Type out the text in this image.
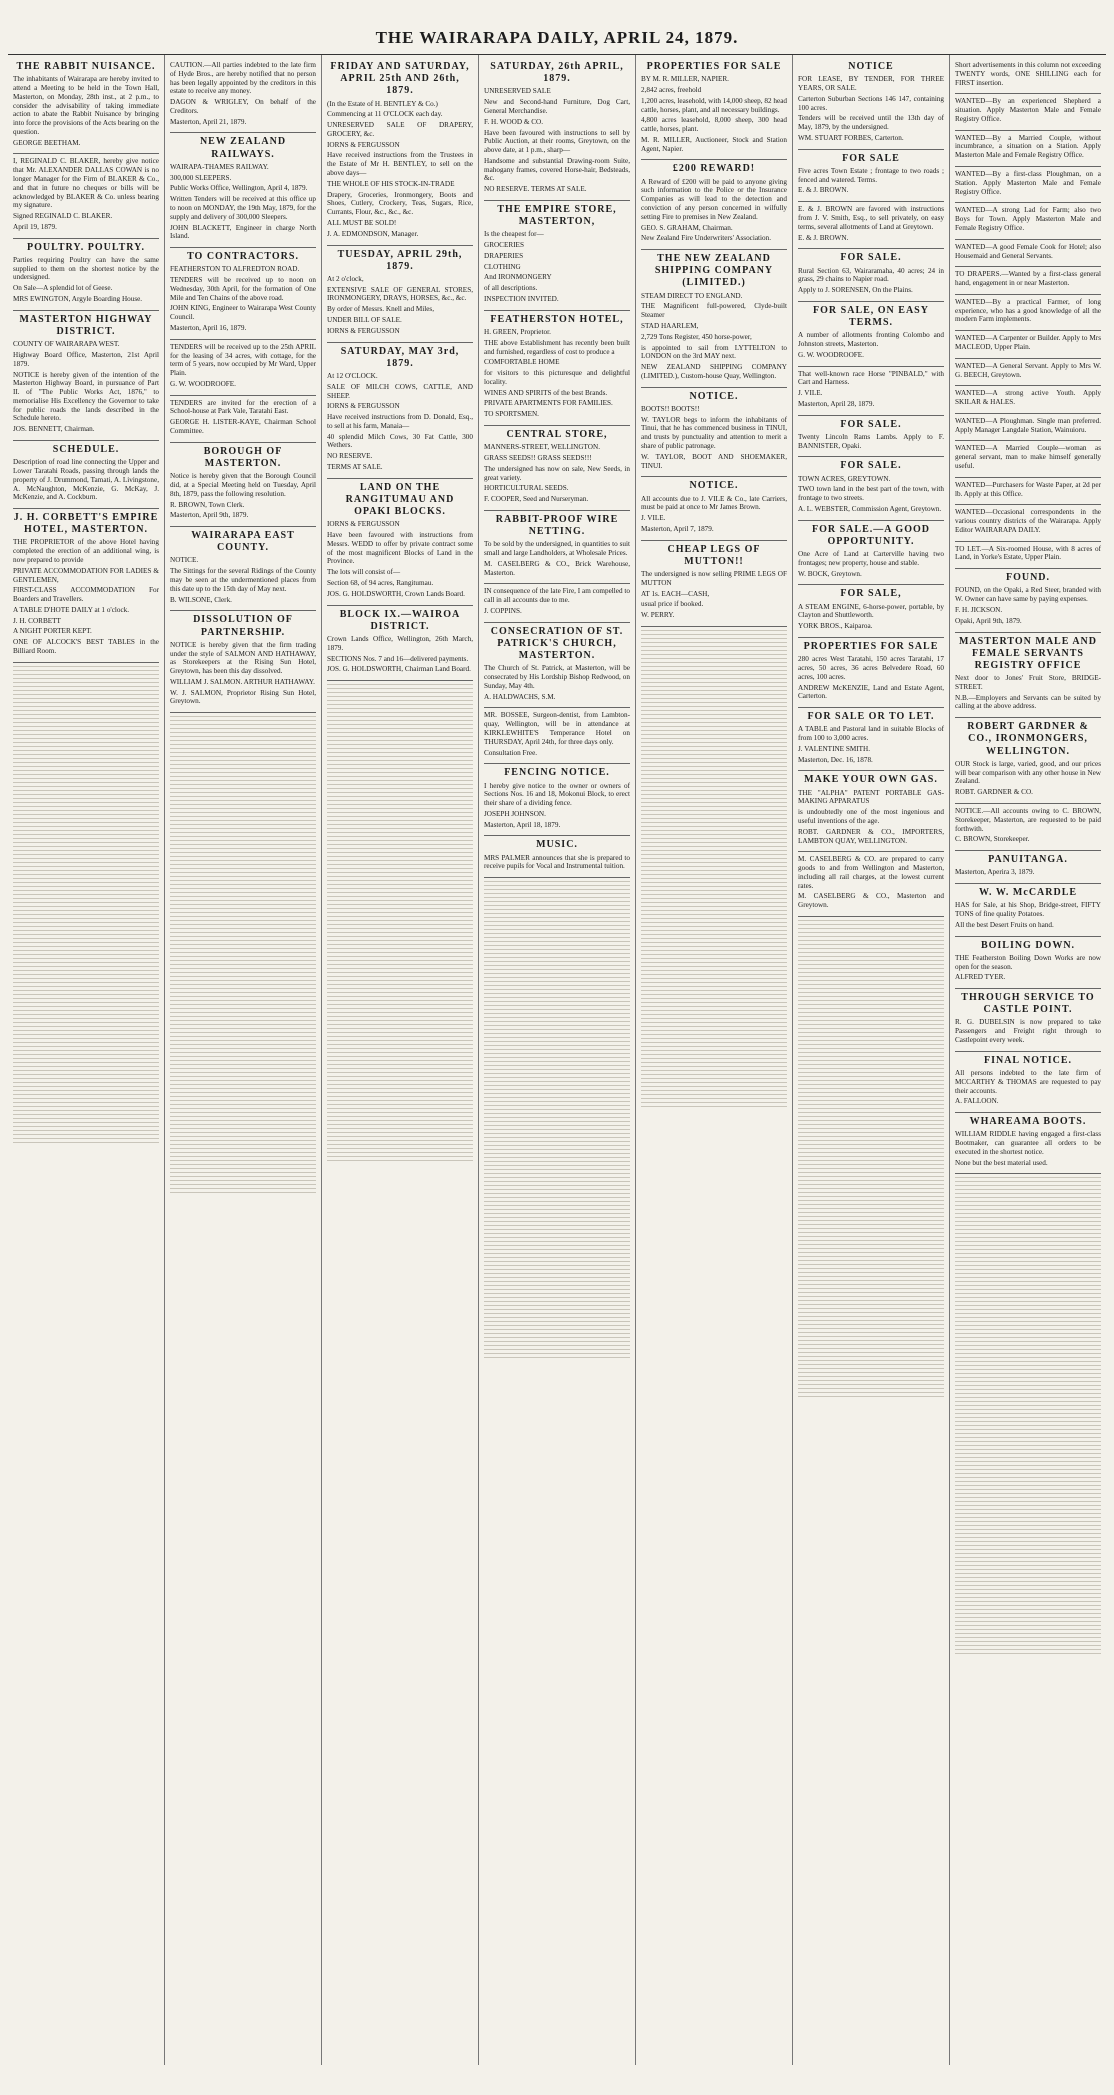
THE WAIRARAPA DAILY, APRIL 24, 1879.
THE RABBIT NUISANCE.

The inhabitants of Wairarapa are hereby invited to attend a Meeting to be held in the Town Hall, Masterton, on Monday, 28th inst., at 2 p.m., to consider the advisability of taking immediate action to abate the Rabbit Nuisance by bringing into force the provisions of the Acts bearing on the question.

GEORGE BEETHAM.

I, REGINALD C. BLAKER, hereby give notice that Mr. ALEXANDER DALLAS COWAN is no longer Manager for the Firm of BLAKER & Co., and that in future no cheques or bills will be acknowledged by BLAKER & Co. unless bearing my signature.

Signed REGINALD C. BLAKER.

April 19, 1879.

POULTRY. POULTRY.

Parties requiring Poultry can have the same supplied to them on the shortest notice by the undersigned.

On Sale—A splendid lot of Geese.

MRS EWINGTON, Argyle Boarding House.

MASTERTON HIGHWAY DISTRICT.

COUNTY OF WAIRARAPA WEST.

Highway Board Office, Masterton, 21st April 1879.

NOTICE is hereby given of the intention of the Masterton Highway Board, in pursuance of Part II. of "The Public Works Act, 1876," to memorialise His Excellency the Governor to take for public roads the lands described in the Schedule hereto.

JOS. BENNETT, Chairman.

SCHEDULE.

Description of road line connecting the Upper and Lower Taratahi Roads, passing through lands the property of J. Drummond, Tamati, A. Livingstone, A. McNaughton, McKenzie, G. McKay, J. McKenzie, and A. Cockburn.

J. H. CORBETT'S EMPIRE HOTEL, MASTERTON.

THE PROPRIETOR of the above Hotel having completed the erection of an additional wing, is now prepared to provide

PRIVATE ACCOMMODATION FOR LADIES & GENTLEMEN,

FIRST-CLASS ACCOMMODATION For Boarders and Travellers.

A TABLE D'HOTE DAILY at 1 o'clock.

J. H. CORBETT

A NIGHT PORTER KEPT.

ONE OF ALCOCK'S BEST TABLES in the Billiard Room.

CAUTION.—All parties indebted to the late firm of Hyde Bros., are hereby notified that no person has been legally appointed by the creditors in this estate to receive any money.

DAGON & WRIGLEY, On behalf of the Creditors.

Masterton, April 21, 1879.

NEW ZEALAND RAILWAYS.

WAIRAPA-THAMES RAILWAY.

300,000 SLEEPERS.

Public Works Office, Wellington, April 4, 1879.

Written Tenders will be received at this office up to noon on MONDAY, the 19th May, 1879, for the supply and delivery of 300,000 Sleepers.

JOHN BLACKETT, Engineer in charge North Island.

TO CONTRACTORS.

FEATHERSTON TO ALFREDTON ROAD.

TENDERS will be received up to noon on Wednesday, 30th April, for the formation of One Mile and Ten Chains of the above road.

JOHN KING, Engineer to Wairarapa West County Council.

Masterton, April 16, 1879.

TENDERS will be received up to the 25th APRIL for the leasing of 34 acres, with cottage, for the term of 5 years, now occupied by Mr Ward, Upper Plain.

G. W. WOODROOFE.

TENDERS are invited for the erection of a School-house at Park Vale, Taratahi East.

GEORGE H. LISTER-KAYE, Chairman School Committee.

BOROUGH OF MASTERTON.

Notice is hereby given that the Borough Council did, at a Special Meeting held on Tuesday, April 8th, 1879, pass the following resolution.

R. BROWN, Town Clerk.

Masterton, April 9th, 1879.

WAIRARAPA EAST COUNTY.

NOTICE.

The Sittings for the several Ridings of the County may be seen at the undermentioned places from this date up to the 15th day of May next.

B. WILSONE, Clerk.

DISSOLUTION OF PARTNERSHIP.

NOTICE is hereby given that the firm trading under the style of SALMON AND HATHAWAY, as Storekeepers at the Rising Sun Hotel, Greytown, has been this day dissolved.

WILLIAM J. SALMON. ARTHUR HATHAWAY.

W. J. SALMON, Proprietor Rising Sun Hotel, Greytown.

FRIDAY AND SATURDAY, APRIL 25th AND 26th, 1879.

(In the Estate of H. BENTLEY & Co.)

Commencing at 11 O'CLOCK each day.

UNRESERVED SALE OF DRAPERY, GROCERY, &c.

IORNS & FERGUSSON

Have received instructions from the Trustees in the Estate of Mr H. BENTLEY, to sell on the above days—

THE WHOLE OF HIS STOCK-IN-TRADE

Drapery, Groceries, Ironmongery, Boots and Shoes, Cutlery, Crockery, Teas, Sugars, Rice, Currants, Flour, &c., &c., &c.

ALL MUST BE SOLD!

J. A. EDMONDSON, Manager.

TUESDAY, APRIL 29th, 1879.

At 2 o'clock,

EXTENSIVE SALE OF GENERAL STORES, IRONMONGERY, DRAYS, HORSES, &c., &c.

By order of Messrs. Knell and Miles,

UNDER BILL OF SALE.

IORNS & FERGUSSON

SATURDAY, MAY 3rd, 1879.

At 12 O'CLOCK.

SALE OF MILCH COWS, CATTLE, AND SHEEP.

IORNS & FERGUSSON

Have received instructions from D. Donald, Esq., to sell at his farm, Manaia—

40 splendid Milch Cows, 30 Fat Cattle, 300 Wethers.

NO RESERVE.

TERMS AT SALE.

LAND ON THE RANGITUMAU AND OPAKI BLOCKS.

IORNS & FERGUSSON

Have been favoured with instructions from Messrs. WEDD to offer by private contract some of the most magnificent Blocks of Land in the Province.

The lots will consist of—

Section 68, of 94 acres, Rangitumau.

JOS. G. HOLDSWORTH, Crown Lands Board.

BLOCK IX.—WAIROA DISTRICT.

Crown Lands Office, Wellington, 26th March, 1879.

SECTIONS Nos. 7 and 16—delivered payments.

JOS. G. HOLDSWORTH, Chairman Land Board.

SATURDAY, 26th APRIL, 1879.

UNRESERVED SALE

New and Second-hand Furniture, Dog Cart, General Merchandise.

F. H. WOOD & CO.

Have been favoured with instructions to sell by Public Auction, at their rooms, Greytown, on the above date, at 1 p.m., sharp—

Handsome and substantial Drawing-room Suite, mahogany frames, covered Horse-hair, Bedsteads, &c.

NO RESERVE. TERMS AT SALE.

THE EMPIRE STORE, MASTERTON,

Is the cheapest for—

GROCERIES

DRAPERIES

CLOTHING

And IRONMONGERY

of all descriptions.

INSPECTION INVITED.

FEATHERSTON HOTEL,

H. GREEN, Proprietor.

THE above Establishment has recently been built and furnished, regardless of cost to produce a

COMFORTABLE HOME

for visitors to this picturesque and delightful locality.

WINES AND SPIRITS of the best Brands.

PRIVATE APARTMENTS FOR FAMILIES.

TO SPORTSMEN.

CENTRAL STORE,

MANNERS-STREET, WELLINGTON.

GRASS SEEDS!! GRASS SEEDS!!!

The undersigned has now on sale, New Seeds, in great variety.

HORTICULTURAL SEEDS.

F. COOPER, Seed and Nurseryman.

RABBIT-PROOF WIRE NETTING.

To be sold by the undersigned, in quantities to suit small and large Landholders, at Wholesale Prices.

M. CASELBERG & CO., Brick Warehouse, Masterton.

IN consequence of the late Fire, I am compelled to call in all accounts due to me.

J. COPPINS.

CONSECRATION OF ST. PATRICK'S CHURCH, MASTERTON.

The Church of St. Patrick, at Masterton, will be consecrated by His Lordship Bishop Redwood, on Sunday, May 4th.

A. HALDWACHS, S.M.

MR. BOSSEE, Surgeon-dentist, from Lambton-quay, Wellington, will be in attendance at KIRKLEWHITE'S Temperance Hotel on THURSDAY, April 24th, for three days only.

Consultation Free.

FENCING NOTICE.

I hereby give notice to the owner or owners of Sections Nos. 16 and 18, Mokonui Block, to erect their share of a dividing fence.

JOSEPH JOHNSON.

Masterton, April 18, 1879.

MUSIC.

MRS PALMER announces that she is prepared to receive pupils for Vocal and Instrumental tuition.

PROPERTIES FOR SALE

BY M. R. MILLER, NAPIER.

2,842 acres, freehold

1,200 acres, leasehold, with 14,000 sheep, 82 head cattle, horses, plant, and all necessary buildings.

4,800 acres leasehold, 8,000 sheep, 300 head cattle, horses, plant.

M. R. MILLER, Auctioneer, Stock and Station Agent, Napier.

£200 REWARD!

A Reward of £200 will be paid to anyone giving such information to the Police or the Insurance Companies as will lead to the detection and conviction of any person concerned in wilfully setting Fire to premises in New Zealand.

GEO. S. GRAHAM, Chairman.

New Zealand Fire Underwriters' Association.

THE NEW ZEALAND SHIPPING COMPANY (LIMITED.)

STEAM DIRECT TO ENGLAND.

THE Magnificent full-powered, Clyde-built Steamer

STAD HAARLEM,

2,729 Tons Register, 450 horse-power,

is appointed to sail from LYTTELTON to LONDON on the 3rd MAY next.

NEW ZEALAND SHIPPING COMPANY (LIMITED.), Custom-house Quay, Wellington.

NOTICE.

BOOTS!! BOOTS!!

W. TAYLOR begs to inform the inhabitants of Tinui, that he has commenced business in TINUI, and trusts by punctuality and attention to merit a share of public patronage.

W. TAYLOR, BOOT AND SHOEMAKER, TINUI.

NOTICE.

All accounts due to J. VILE & Co., late Carriers, must be paid at once to Mr James Brown.

J. VILE.

Masterton, April 7, 1879.

CHEAP LEGS OF MUTTON!!

The undersigned is now selling PRIME LEGS OF MUTTON

AT 1s. EACH—CASH,

usual price if booked.

W. PERRY.

NOTICE

FOR LEASE, BY TENDER, FOR THREE YEARS, OR SALE.

Carterton Suburban Sections 146 147, containing 100 acres.

Tenders will be received until the 13th day of May, 1879, by the undersigned.

WM. STUART FORBES, Carterton.

FOR SALE

Five acres Town Estate ; frontage to two roads ; fenced and watered. Terms.

E. & J. BROWN.

E. & J. BROWN are favored with instructions from J. V. Smith, Esq., to sell privately, on easy terms, several allotments of Land at Greytown.

E. & J. BROWN.

FOR SALE.

Rural Section 63, Wairaramaha, 40 acres; 24 in grass, 29 chains to Napier road.

Apply to J. SORENSEN, On the Plains.

FOR SALE, ON EASY TERMS.

A number of allotments fronting Colombo and Johnston streets, Masterton.

G. W. WOODROOFE.

That well-known race Horse "PINBALD," with Cart and Harness.

J. VILE.

Masterton, April 28, 1879.

FOR SALE.

Twenty Lincoln Rams Lambs. Apply to F. BANNISTER, Opaki.

FOR SALE.

TOWN ACRES, GREYTOWN.

TWO town land in the best part of the town, with frontage to two streets.

A. L. WEBSTER, Commission Agent, Greytown.

FOR SALE.—A GOOD OPPORTUNITY.

One Acre of Land at Carterville having two frontages; new property, house and stable.

W. BOCK, Greytown.

FOR SALE,

A STEAM ENGINE, 6-horse-power, portable, by Clayton and Shuttleworth.

YORK BROS., Kaiparoa.

PROPERTIES FOR SALE

280 acres West Taratahi, 150 acres Taratahi, 17 acres, 50 acres, 36 acres Belvedere Road, 60 acres, 100 acres.

ANDREW McKENZIE, Land and Estate Agent, Carterton.

FOR SALE OR TO LET.

A TABLE and Pastoral land in suitable Blocks of from 100 to 3,000 acres.

J. VALENTINE SMITH.

Masterton, Dec. 16, 1878.

MAKE YOUR OWN GAS.

THE "ALPHA" PATENT PORTABLE GAS-MAKING APPARATUS

is undoubtedly one of the most ingenious and useful inventions of the age.

ROBT. GARDNER & CO., IMPORTERS, LAMBTON QUAY, WELLINGTON.

M. CASELBERG & CO. are prepared to carry goods to and from Wellington and Masterton, including all rail charges, at the lowest current rates.

M. CASELBERG & CO., Masterton and Greytown.

Short advertisements in this column not exceeding TWENTY words, ONE SHILLING each for FIRST insertion.

WANTED—By an experienced Shepherd a situation. Apply Masterton Male and Female Registry Office.

WANTED—By a Married Couple, without incumbrance, a situation on a Station. Apply Masterton Male and Female Registry Office.

WANTED—By a first-class Ploughman, on a Station. Apply Masterton Male and Female Registry Office.

WANTED—A strong Lad for Farm; also two Boys for Town. Apply Masterton Male and Female Registry Office.

WANTED—A good Female Cook for Hotel; also Housemaid and General Servants.

TO DRAPERS.—Wanted by a first-class general hand, engagement in or near Masterton.

WANTED—By a practical Farmer, of long experience, who has a good knowledge of all the modern Farm implements.

WANTED—A Carpenter or Builder. Apply to Mrs MACLEOD, Upper Plain.

WANTED—A General Servant. Apply to Mrs W. G. BEECH, Greytown.

WANTED—A strong active Youth. Apply SKILAR & HALES.

WANTED—A Ploughman. Single man preferred. Apply Manager Langdale Station, Wainuioru.

WANTED—A Married Couple—woman as general servant, man to make himself generally useful.

WANTED—Purchasers for Waste Paper, at 2d per lb. Apply at this Office.

WANTED—Occasional correspondents in the various country districts of the Wairarapa. Apply Editor WAIRARAPA DAILY.

TO LET.—A Six-roomed House, with 8 acres of Land, in Yorke's Estate, Upper Plain.

FOUND.

FOUND, on the Opaki, a Red Steer, branded with W. Owner can have same by paying expenses.

F. H. JICKSON.

Opaki, April 9th, 1879.

MASTERTON MALE AND FEMALE SERVANTS REGISTRY OFFICE

Next door to Jones' Fruit Store, BRIDGE-STREET.

N.B.—Employers and Servants can be suited by calling at the above address.

ROBERT GARDNER & CO., IRONMONGERS, WELLINGTON.

OUR Stock is large, varied, good, and our prices will bear comparison with any other house in New Zealand.

ROBT. GARDNER & CO.

NOTICE.—All accounts owing to C. BROWN, Storekeeper, Masterton, are requested to be paid forthwith.

C. BROWN, Storekeeper.

PANUITANGA.

Masterton, Aperira 3, 1879.

W. W. McCARDLE

HAS for Sale, at his Shop, Bridge-street, FIFTY TONS of fine quality Potatoes.

All the best Desert Fruits on hand.

BOILING DOWN.

THE Featherston Boiling Down Works are now open for the season.

ALFRED TYER.

THROUGH SERVICE TO CASTLE POINT.

R. G. DUBELSIN is now prepared to take Passengers and Freight right through to Castlepoint every week.

FINAL NOTICE.

All persons indebted to the late firm of MCCARTHY & THOMAS are requested to pay their accounts.

A. FALLOON.

WHAREAMA BOOTS.

WILLIAM RIDDLE having engaged a first-class Bootmaker, can guarantee all orders to be executed in the shortest notice.

None but the best material used.
